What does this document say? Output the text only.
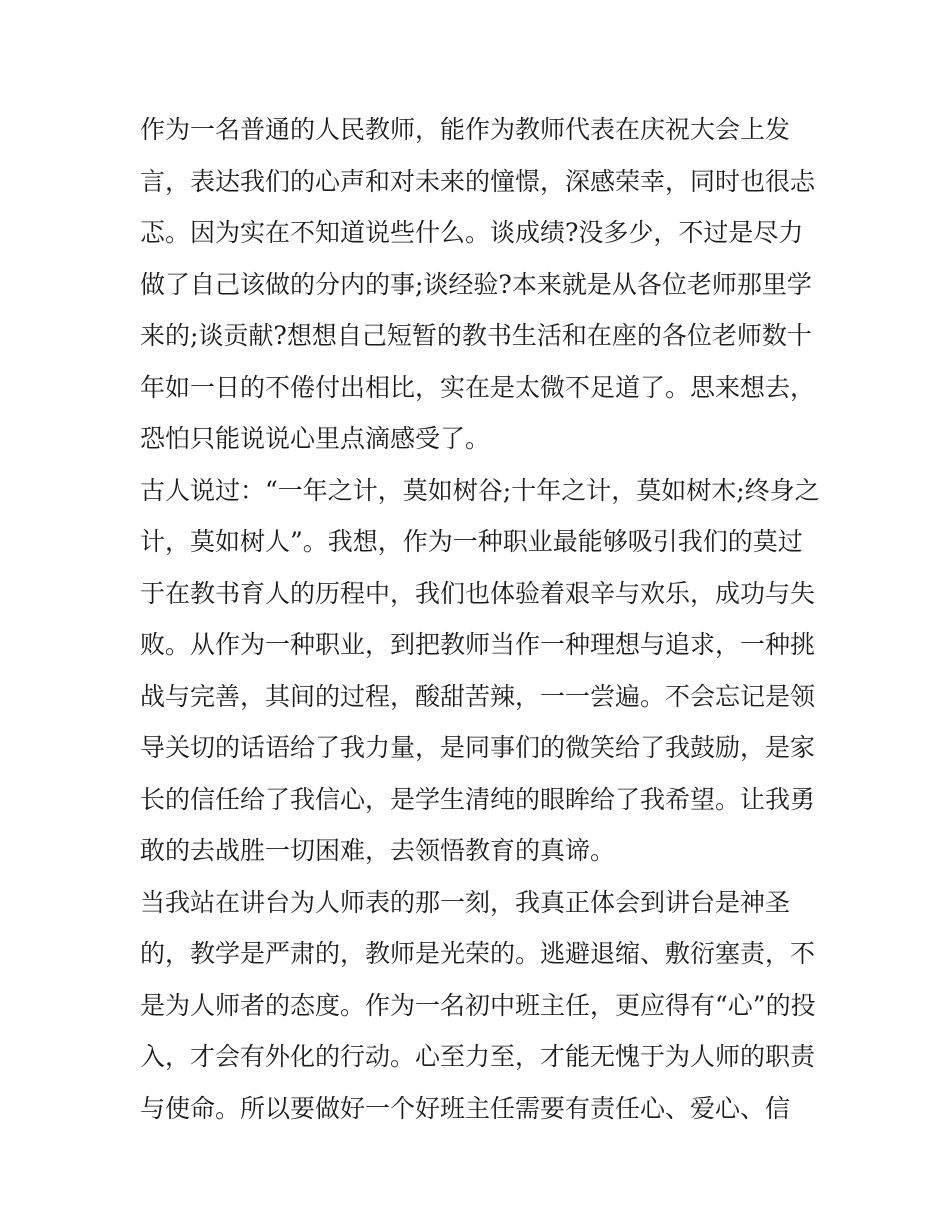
作为一名普通的人民教师，能作为教师代表在庆祝大会上发
言，表达我们的心声和对未来的憧憬，深感荣幸，同时也很忐
忑。因为实在不知道说些什么。谈成绩?没多少，不过是尽力
做了自己该做的分内的事;谈经验?本来就是从各位老师那里学
来的;谈贡献?想想自己短暂的教书生活和在座的各位老师数十
年如一日的不倦付出相比，实在是太微不足道了。思来想去，
恐怕只能说说心里点滴感受了。
古人说过：“一年之计，莫如树谷;十年之计，莫如树木;终身之
计，莫如树人”。我想，作为一种职业最能够吸引我们的莫过
于在教书育人的历程中，我们也体验着艰辛与欢乐，成功与失
败。从作为一种职业，到把教师当作一种理想与追求，一种挑
战与完善，其间的过程，酸甜苦辣，一一尝遍。不会忘记是领
导关切的话语给了我力量，是同事们的微笑给了我鼓励，是家
长的信任给了我信心，是学生清纯的眼眸给了我希望。让我勇
敢的去战胜一切困难，去领悟教育的真谛。
当我站在讲台为人师表的那一刻，我真正体会到讲台是神圣
的，教学是严肃的，教师是光荣的。逃避退缩、敷衍塞责，不
是为人师者的态度。作为一名初中班主任，更应得有“心”的投
入，才会有外化的行动。心至力至，才能无愧于为人师的职责
与使命。所以要做好一个好班主任需要有责任心、爱心、信
